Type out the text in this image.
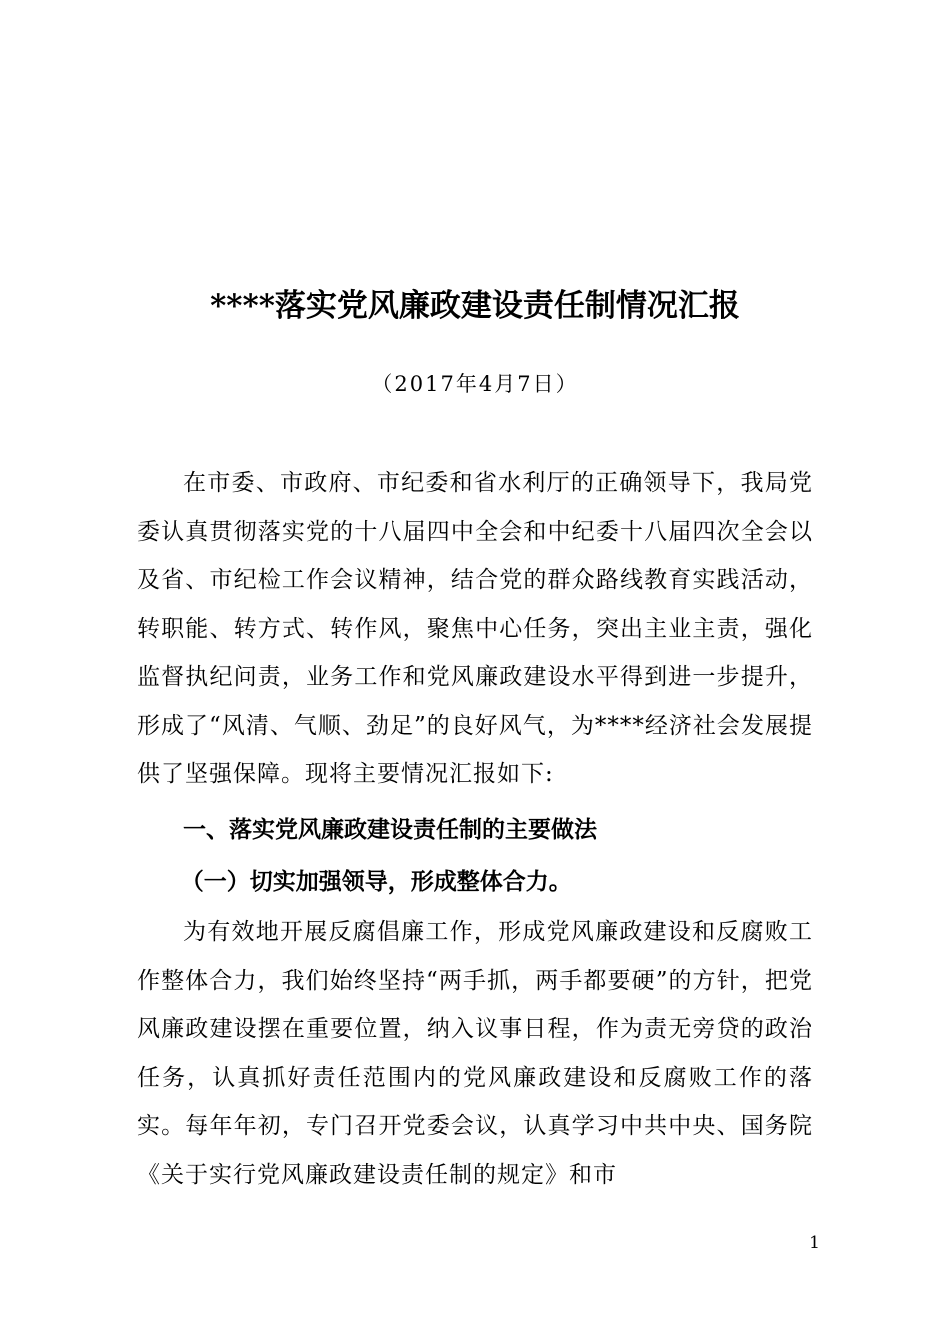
****落实党风廉政建设责任制情况汇报
（2017年4月7日）

在市委、市政府、市纪委和省水利厅的正确领导下，我局党委认真贯彻落实党的十八届四中全会和中纪委十八届四次全会以及省、市纪检工作会议精神，结合党的群众路线教育实践活动，转职能、转方式、转作风，聚焦中心任务，突出主业主责，强化监督执纪问责，业务工作和党风廉政建设水平得到进一步提升，形成了“风清、气顺、劲足”的良好风气，为****经济社会发展提供了坚强保障。现将主要情况汇报如下:

一、落实党风廉政建设责任制的主要做法

（一）切实加强领导，形成整体合力。

为有效地开展反腐倡廉工作，形成党风廉政建设和反腐败工作整体合力，我们始终坚持“两手抓，两手都要硬”的方针，把党风廉政建设摆在重要位置，纳入议事日程，作为责无旁贷的政治任务，认真抓好责任范围内的党风廉政建设和反腐败工作的落实。每年年初，专门召开党委会议，认真学习中共中央、国务院《关于实行党风廉政建设责任制的规定》和市

1
